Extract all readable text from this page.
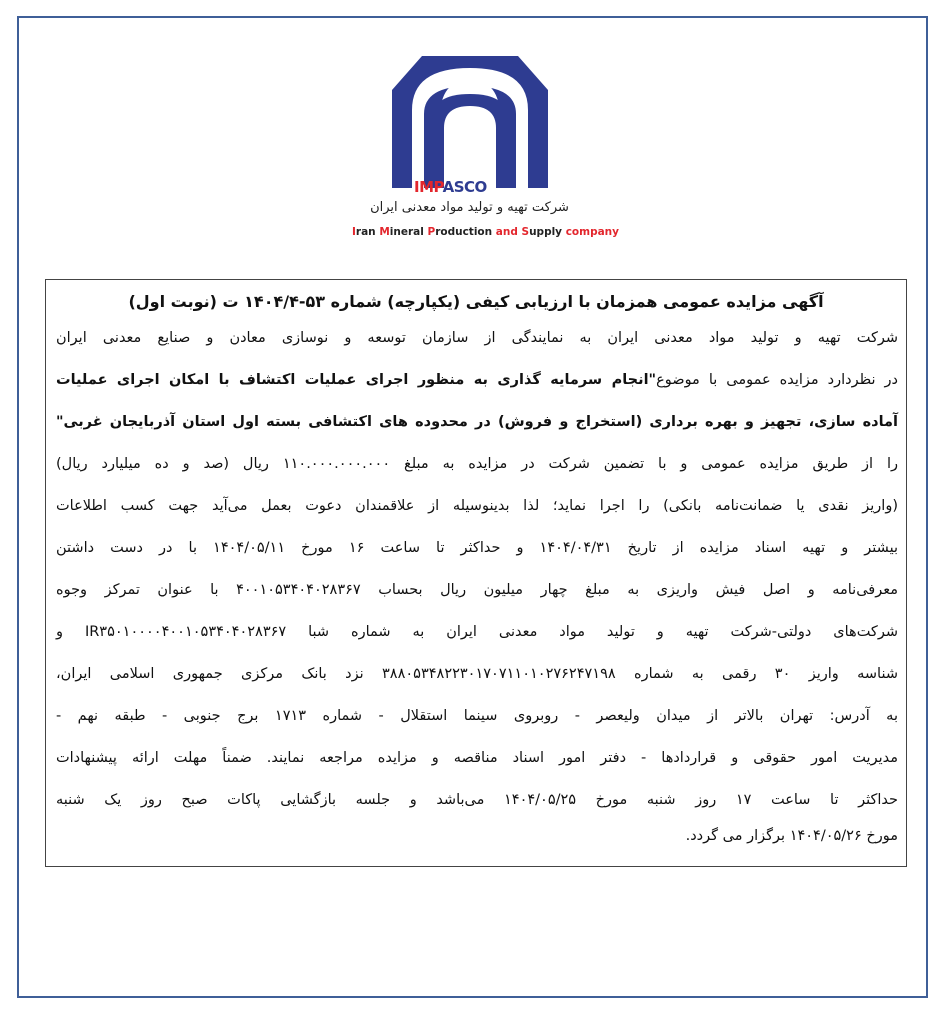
IMPASCO
شرکت تهیه و تولید مواد معدنی ایران
Iran Mineral Production and Supply company
آگهی مزایده عمومی همزمان با ارزیابی کیفی (یکپارچه) شماره ۵۳-۱۴۰۴/۴ ت (نوبت اول)
شرکت تهیه و تولید مواد معدنی ایران به نمایندگی از سازمان توسعه و نوسازی معادن و صنایع معدنی ایران
در نظردارد مزایده عمومی با موضوع"انجام سرمایه گذاری به منظور اجرای عملیات اکتشاف با امکان اجرای عملیات
آماده سازی، تجهیز و بهره برداری (استخراج و فروش) در محدوده های اکتشافی بسته اول استان آذربایجان غربی"
را از طریق مزایده عمومی و با تضمین شرکت در مزایده به مبلغ ۱۱۰.۰۰۰.۰۰۰.۰۰۰ ریال (صد و ده میلیارد ریال)
(واریز نقدی یا ضمانت‌نامه بانکی) را اجرا نماید؛ لذا بدینوسیله از علاقمندان دعوت بعمل می‌آید جهت کسب اطلاعات
بیشتر و تهیه اسناد مزایده از تاریخ ۱۴۰۴/۰۴/۳۱ و حداکثر تا ساعت ۱۶ مورخ ۱۴۰۴/۰۵/۱۱ با در دست داشتن
معرفی‌نامه و اصل فیش واریزی به مبلغ چهار میلیون ریال بحساب ۴۰۰۱۰۵۳۴۰۴۰۲۸۳۶۷ با عنوان تمرکز وجوه
شرکت‌های دولتی-شرکت تهیه و تولید مواد معدنی ایران به شماره شبا IR۳۵۰۱۰۰۰۰۴۰۰۱۰۵۳۴۰۴۰۲۸۳۶۷ و
شناسه واریز ۳۰ رقمی به شماره ۳۸۸۰۵۳۴۸۲۲۳۰۱۷۰۷۱۱۰۱۰۲۷۶۲۴۷۱۹۸ نزد بانک مرکزی جمهوری اسلامی ایران،
به آدرس: تهران بالاتر از میدان ولیعصر - روبروی سینما استقلال - شماره ۱۷۱۳ برج جنوبی - طبقه نهم -
مدیریت امور حقوقی و قراردادها - دفتر امور اسناد مناقصه و مزایده مراجعه نمایند. ضمناً مهلت ارائه پیشنهادات
حداکثر تا ساعت ۱۷ روز شنبه مورخ ۱۴۰۴/۰۵/۲۵ می‌باشد و جلسه بازگشایی پاکات صبح روز یک شنبه
مورخ ۱۴۰۴/۰۵/۲۶ برگزار می گردد.
